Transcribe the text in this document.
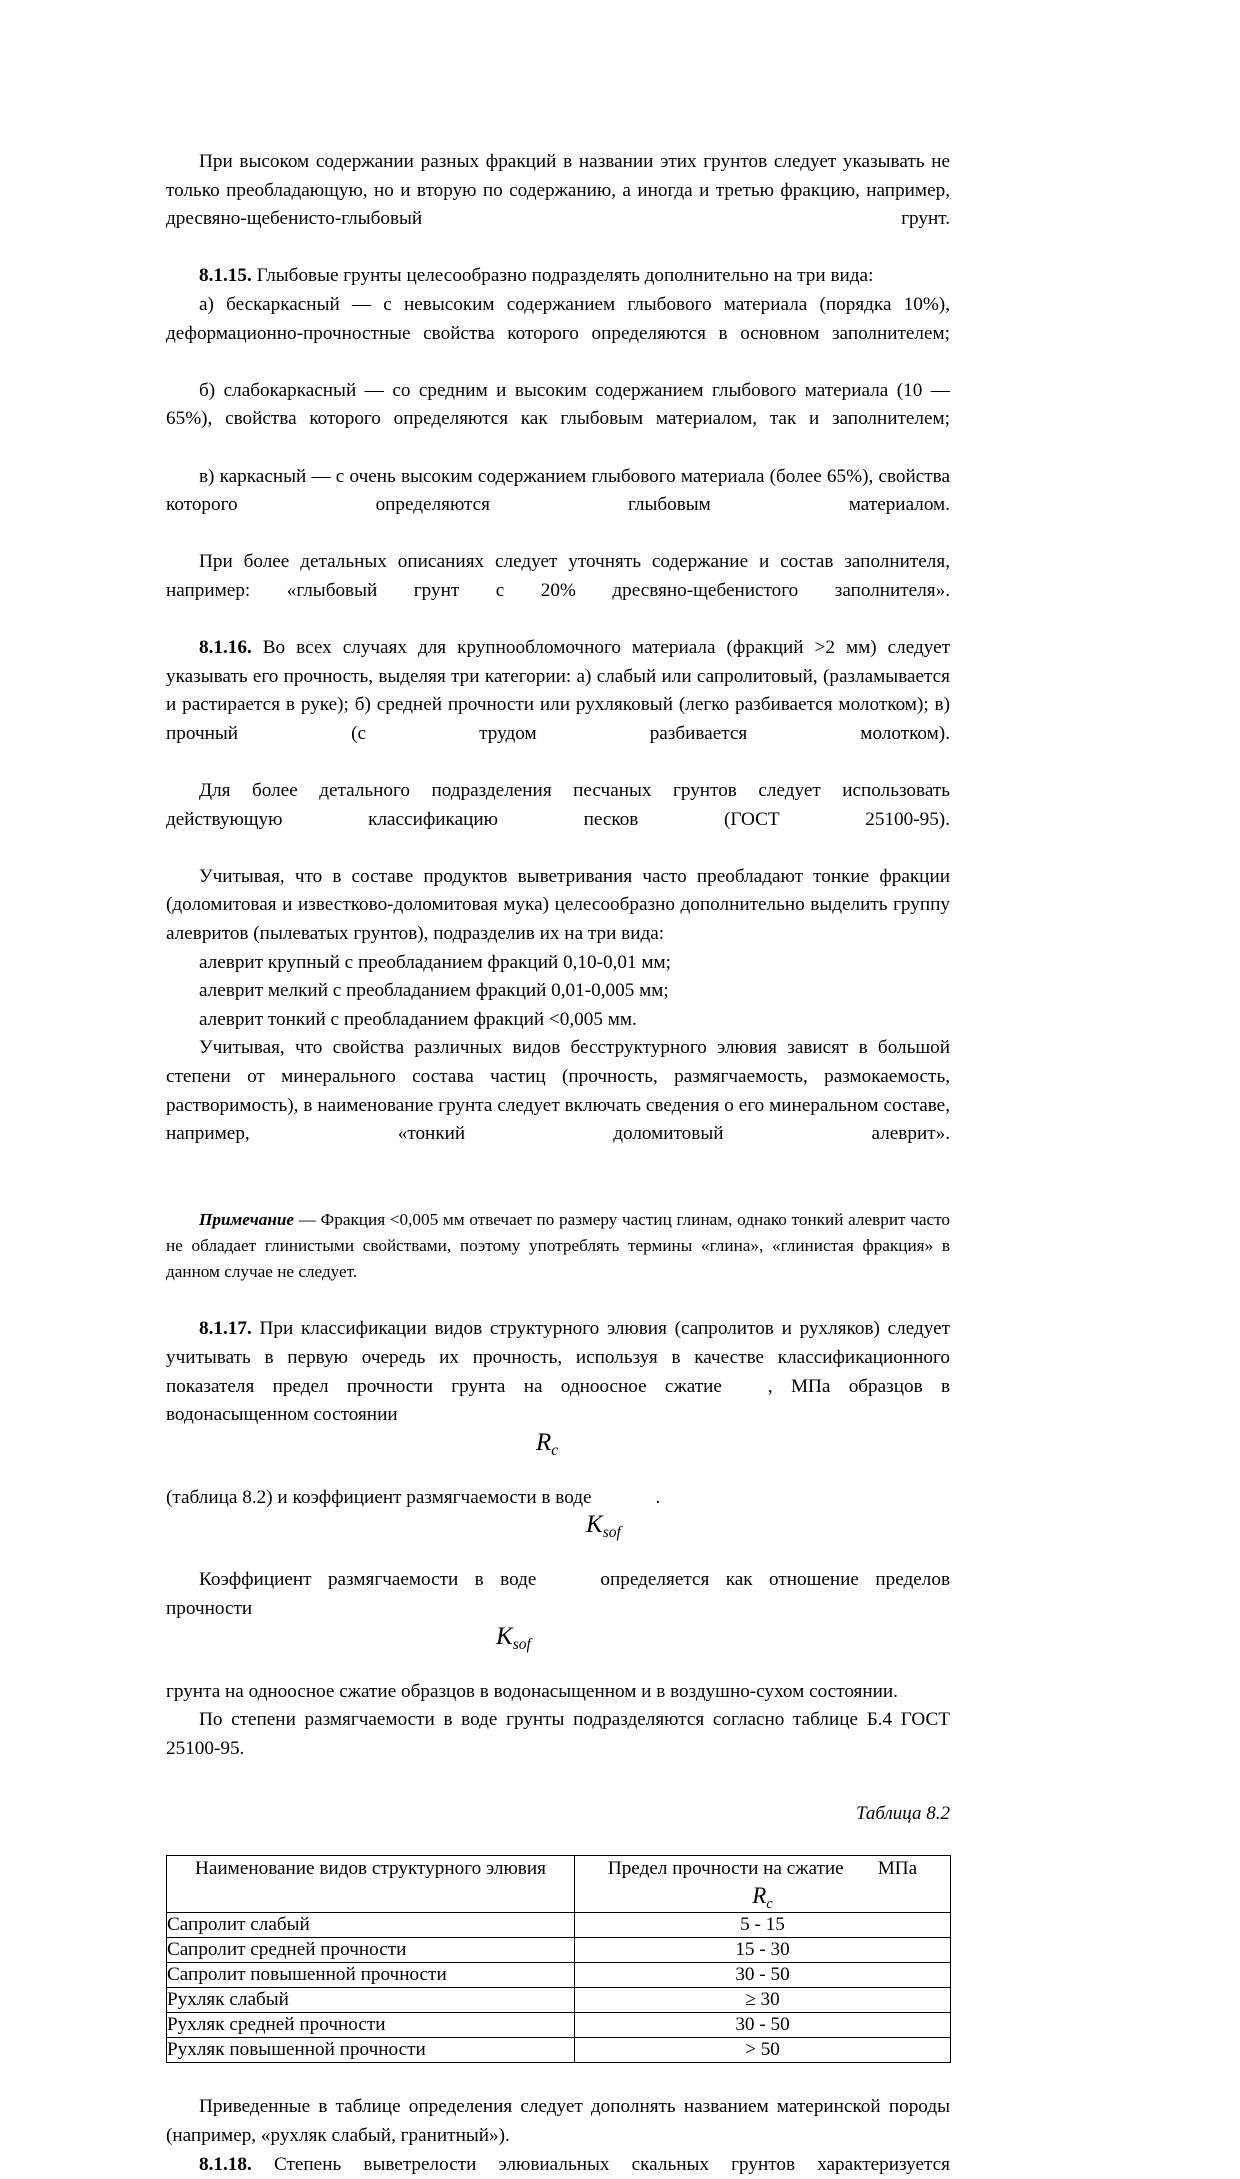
При высоком содержании разных фракций в названии этих грунтов следует указывать не только преобладающую, но и вторую по содержанию, а иногда и третью фракцию, например, дресвяно-щебенисто-глыбовый грунт.

8.1.15. Глыбовые грунты целесообразно подразделять дополнительно на три вида:

а) бескаркасный — с невысоким содержанием глыбового материала (порядка 10%), деформационно-прочностные свойства которого определяются в основном заполнителем;

б) слабокаркасный — со средним и высоким содержанием глыбового материала (10 — 65%), свойства которого определяются как глыбовым материалом, так и заполнителем;

в) каркасный — с очень высоким содержанием глыбового материала (более 65%), свойства которого определяются глыбовым материалом.

При более детальных описаниях следует уточнять содержание и состав заполнителя, например: «глыбовый грунт с 20% дресвяно-щебенистого заполнителя».

8.1.16. Во всех случаях для крупнообломочного материала (фракций >2 мм) следует указывать его прочность, выделяя три категории: а) слабый или сапролитовый, (разламывается и растирается в руке); б) средней прочности или рухляковый (легко разбивается молотком); в) прочный (с трудом разбивается молотком).

Для более детального подразделения песчаных грунтов следует использовать действующую классификацию песков (ГОСТ 25100-95).

Учитывая, что в составе продуктов выветривания часто преобладают тонкие фракции (доломитовая и известково-доломитовая мука) целесообразно дополнительно выделить группу алевритов (пылеватых грунтов), подразделив их на три вида:

алеврит крупный с преобладанием фракций 0,10-0,01 мм;

алеврит мелкий с преобладанием фракций 0,01-0,005 мм;

алеврит тонкий с преобладанием фракций <0,005 мм.

Учитывая, что свойства различных видов бесструктурного элювия зависят в большой степени от минерального состава частиц (прочность, размягчаемость, размокаемость, растворимость), в наименование грунта следует включать сведения о его минеральном составе, например, «тонкий доломитовый алеврит».

Примечание — Фракция <0,005 мм отвечает по размеру частиц глинам, однако тонкий алеврит часто не обладает глинистыми свойствами, поэтому употреблять термины «глина», «глинистая фракция» в данном случае не следует.

8.1.17. При классификации видов структурного элювия (сапролитов и рухляков) следует учитывать в первую очередь их прочность, используя в качестве классификационного показателя предел прочности грунта на одноосное сжатие , МПа образцов в водонасыщенном состоянии

$R_c$

(таблица 8.2) и коэффициент размягчаемости в воде	.

$K_{sof}$

Коэффициент размягчаемости в воде	определяется как отношение пределов прочности

$K_{sof}$

грунта на одноосное сжатие образцов в водонасыщенном и в воздушно-сухом состоянии.

По степени размягчаемости в воде грунты подразделяются согласно таблице Б.4 ГОСТ 25100-95.

Таблица 8.2

Наименование видов структурного элювия	Предел прочности на сжатие МПа
$R_c$

Сапролит слабый	5 - 15
Сапролит средней прочности	15 - 30
Сапролит повышенной прочности	30 - 50
Рухляк слабый	≥ 30
Рухляк средней прочности	30 - 50
Рухляк повышенной прочности	> 50

Приведенные в таблице определения следует дополнять названием материнской породы (например, «рухляк слабый, гранитный»).

8.1.18. Степень выветрелости элювиальных скальных грунтов характеризуется
